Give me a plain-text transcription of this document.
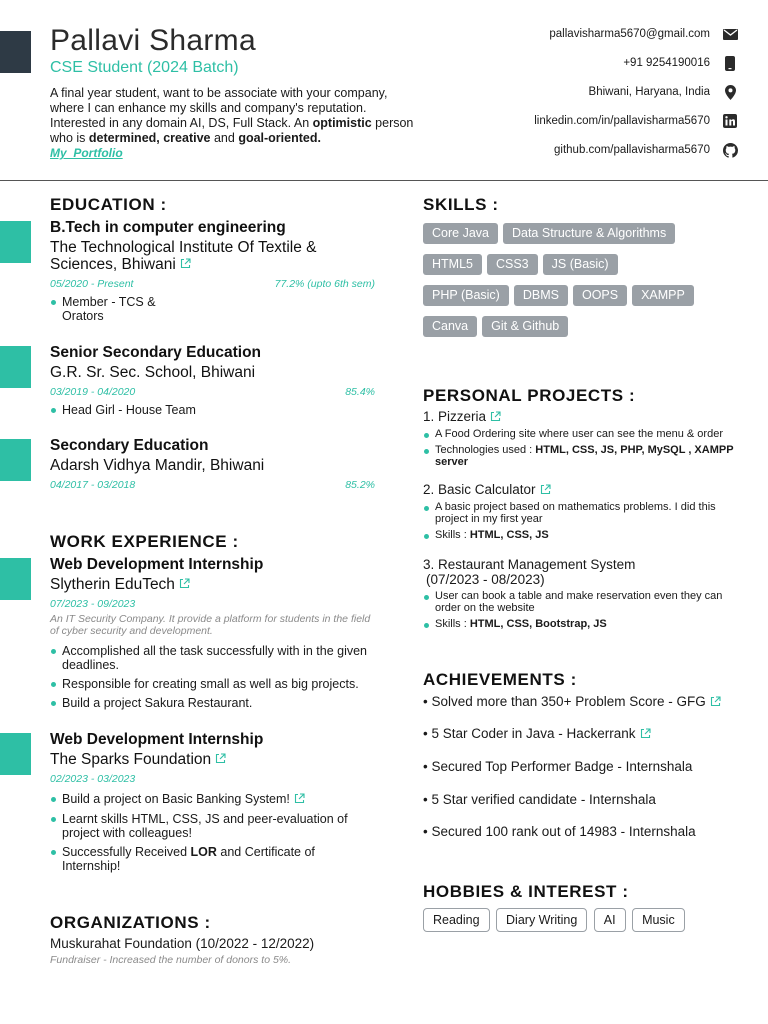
Pallavi Sharma
CSE Student (2024 Batch)
A final year student, want to be associate with your company, where I can enhance my skills and company's reputation. Interested in any domain AI, DS, Full Stack. An optimistic person who is determined, creative and goal-oriented.
My_Portfolio
pallavisharma5670@gmail.com
+91 9254190016
Bhiwani, Haryana, India
linkedin.com/in/pallavisharma5670
github.com/pallavisharma5670
EDUCATION :
B.Tech in computer engineering
The Technological Institute Of Textile & Sciences, Bhiwani
05/2020 - Present	77.2% (upto 6th sem)
Member - TCS & Orators
Senior Secondary Education
G.R. Sr. Sec. School, Bhiwani
03/2019 - 04/2020	85.4%
Head Girl - House Team
Secondary Education
Adarsh Vidhya Mandir, Bhiwani
04/2017 - 03/2018	85.2%
WORK EXPERIENCE :
Web Development Internship
Slytherin EduTech
07/2023 - 09/2023
An IT Security Company. It provide a platform for students in the field of cyber security and development.
Accomplished all the task successfully with in the given deadlines.
Responsible for creating small as well as big projects.
Build a project Sakura Restaurant.
Web Development Internship
The Sparks Foundation
02/2023 - 03/2023
Build a project on Basic Banking System!
Learnt skills HTML, CSS, JS and peer-evaluation of project with colleagues!
Successfully Received LOR and Certificate of Internship!
ORGANIZATIONS :
Muskurahat Foundation (10/2022 - 12/2022)
Fundraiser - Increased the number of donors to 5%.
SKILLS :
Core Java Data Structure & Algorithms
HTML5 CSS3 JS (Basic)
PHP (Basic) DBMS OOPS XAMPP
Canva Git & Github
PERSONAL PROJECTS :
1. Pizzeria
A Food Ordering site where user can see the menu & order
Technologies used : HTML, CSS, JS, PHP, MySQL , XAMPP server
2. Basic Calculator
A basic project based on mathematics problems. I did this project in my first year
Skills : HTML, CSS, JS
3. Restaurant Management System
(07/2023 - 08/2023)
User can book a table and make reservation even they can order on the website
Skills : HTML, CSS, Bootstrap, JS
ACHIEVEMENTS :
• Solved more than 350+ Problem Score - GFG
• 5 Star Coder in Java - Hackerrank
• Secured Top Performer Badge - Internshala
• 5 Star verified candidate - Internshala
• Secured 100 rank out of 14983 - Internshala
HOBBIES & INTEREST :
Reading Diary Writing AI Music
